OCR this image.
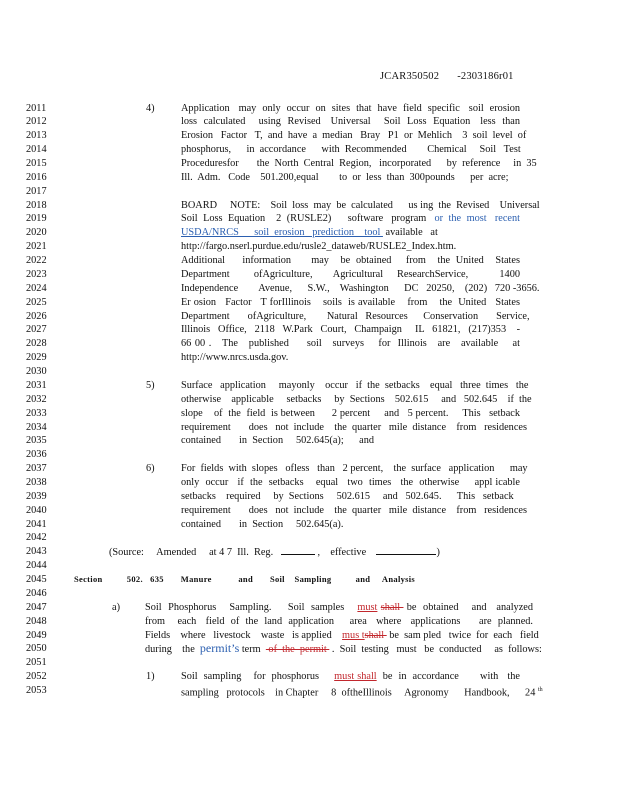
JCAR350502 -2303186r01
2011	4)	Application   may  only  occur  on  sites  that  have  field  specific   soil  erosion
2012	loss  calculated    using  Revised   Universal    Soil  Loss  Equation   less  than
2013	Erosion   Factor   T,  and  have  a  median   Bray   P1  or  Mehlich    3  soil  level  of
2014	phosphorus,      in  accordance      with  Recommended        Chemical     Soil   Test
2015	Proceduresfor       the  North  Central  Region,   incorporated      by  reference     in  35
2016	Ill.  Adm.   Code    501.200,equal        to  or  less  than  300pounds      per  acre;
2017
2018	BOARD     NOTE:    Soil  loss  may  be  calculated      us ing  the  Revised    Universal
2019	Soil  Loss  Equation    2  (RUSLE2)      software   program   or  the  most   recent
2020	USDA/NRCS      soil  erosion   prediction    tool  available   at
2021	http://fargo.nserl.purdue.edu/rusle2_dataweb/RUSLE2_Index.htm.
2022	Additional      information       may    be  obtained     from    the  United    States
2023	Department       ofAgriculture,      Agricultural    ResearchService,         1400
2024	Independence        Avenue,      S.W.,    Washington      DC   20250,    (202)   720 -3656.
2025	Er osion   Factor   T forIllinois    soils  is available    from    the  United   States
2026	Department       ofAgriculture,        Natural   Resources      Conservation       Service,
2027	Illinois   Office,   2118   W.Park   Court,   Champaign     IL   61821,   (217)353    -
2028	66 00 .   The   published     soil   surveys    for  Illinois   are   available    at
2029	http://www.nrcs.usda.gov.
2030
2031	5)	Surface   application     mayonly    occur   if  the  setbacks    equal   three  times   the
2032	otherwise    applicable     setbacks     by  Sections    502.615     and   502.645    if  the
2033	slope    of  the  field  is between      2 percent     and   5 percent.     This   setback
2034	requirement       does   not  include    the  quarter   mile  distance    from   residences
2035	contained       in  Section     502.645(a);      and
2036
2037	6)	For  fields  with  slopes   ofless   than   2 percent,    the  surface   application      may
2038	only  occur   if  the  setbacks    equal   two  times   the  otherwise     appl icable
2039	setbacks    required     by  Sections     502.615     and   502.645.      This   setback
2040	requirement       does   not  include    the  quarter   mile  distance    from   residences
2041	contained       in  Section     502.645(a).
2042
2043	(Source:     Amended     at 4 7  Ill.  Reg.	,    effective	)
2044
2045	Section          502.   635       Manure           and       Soil    Sampling          and     Analysis
2046
2047	a) Soil  Phosphorus    Sampling.     Soil  samples    must shall  be  obtained    and   analyzed
2048	from    each   field  of  the  land  application     area   where   applications      are  planned.
2049	Fields    where   livestock    waste   is applied    mus tshall  be  sam pled   twice  for  each   field
2050	during    the  permit’s term   of  the  permit  .  Soil  testing   must   be  conducted     as  follows:
2051
2052	1)	Soil  sampling    for  phosphorus     must shall  be  in  accordance       with   the
2053	sampling   protocols    in Chapter     8  oftheIllinois     Agronomy      Handbook,      24 $^{th}$
